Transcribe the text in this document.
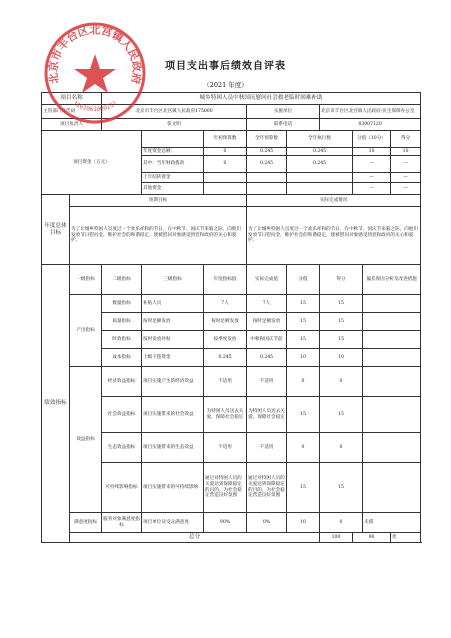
项目支出事后绩效自评表
（2021 年度）
项目名称		城乡特困人员中秋国庆慰问社会救老临时困难补助								
主管部门及代码		北京市丰台区北宫镇人民政府175000			实施单位		北京市丰台区北宫镇人民政府-民生保障办公室			
项目负责人		张文明			联系电话		83007120			
项目资金（万元）				年初预算数	全年预算数	全年执行数		分值（10分）		得分
			年度资金总额：	0	0.245	0.245		10		10
			其中：当年财政拨款	0	0.245	0.245		—		—
			上年结转资金					—		—
			其他资金					—		—
年度总体目标	预期目标				实际完成情况					
	为了让城乡特困人员度过一个欢乐祥和的节日，在中秋节、国庆节来临之际，向他们发放节日慰问金，维护社会的和谐稳定，使被慰问对象感受到党和政府的关心和爱护。				为了让城乡特困人员度过一个欢乐祥和的节日，在中秋节、国庆节来临之际，向他们发放节日慰问金，维护社会的和谐稳定，使被慰问对象感受到党和政府的关心和爱护。					
绩效指标	一级指标	二级指标	三级指标	年度指标值	实际完成值	分值	得分		偏差原因分析及改进措施	
	产出指标	数量指标	补贴人员	7人	7人	15	15			
		质量指标	按时足额发放	按时足额发放	按时足额发放	15	15			
		时效指标	按时发放补贴	按季度发放	中秋和国庆节前	15	15			
		成本指标	上级下拨资金	0.245	0.245	10	10			
	效益指标	经济效益指标	项目实施产生的经济效益	不适用	不适用	0	0			
		社会效益指标	项目实施带来的社会效益	为特困人员送去关爱，保障社会稳定	为特困人员送去关爱，保障社会稳定	15	15			
		生态效益指标	项目实施带来的生态效益	不适用	不适用	0	0			
		可持续影响指标	项目实施带来的可持续影响	通过对特困人员的关爱达到保障稳定的目的，为社会稳定营造良好氛围	通过对特困人员的关爱达到保障稳定的目的，为社会稳定营造良好氛围	15	15			
	满意度指标	服务对象满意度指标	项目单位及受众满意度	90%	0%	10	0		未摸	
	总分						100	90		优
北京市丰台区北宫镇人民政府
1101061000211
